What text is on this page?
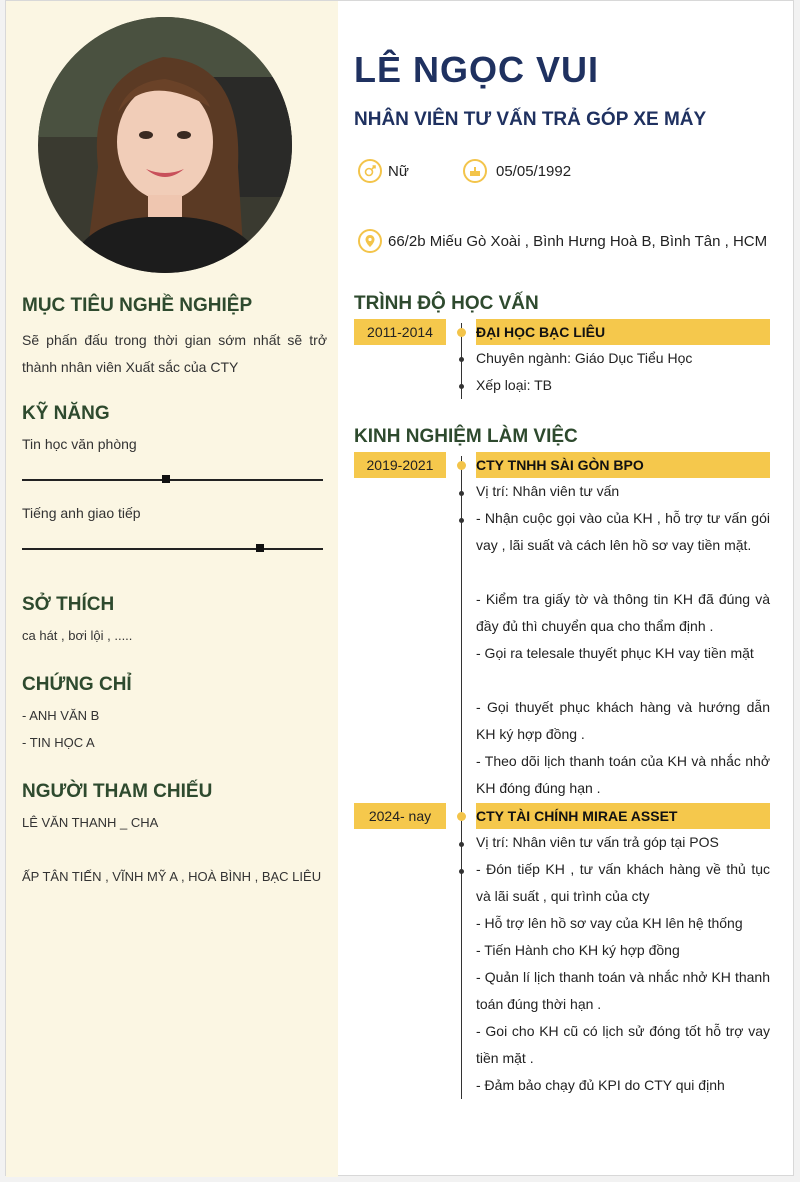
MỤC TIÊU NGHỀ NGHIỆP

Sẽ phấn đấu trong thời gian sớm nhất sẽ trở thành nhân viên Xuất sắc của CTY

KỸ NĂNG

Tin học văn phòng

Tiếng anh giao tiếp

SỞ THÍCH

ca hát , bơi lội , .....

CHỨNG CHỈ

- ANH VĂN B

- TIN HỌC A

NGƯỜI THAM CHIẾU

LÊ VĂN THANH _ CHA

ẤP TÂN TIẾN , VĨNH MỸ A , HOÀ BÌNH , BẠC LIÊU

LÊ NGỌC VUI
NHÂN VIÊN TƯ VẤN TRẢ GÓP XE MÁY
Nữ	05/05/1992
66/2b Miếu Gò Xoài , Bình Hưng Hoà B, Bình Tân , HCM
TRÌNH ĐỘ HỌC VẤN
2011-2014	ĐẠI HỌC BẠC LIÊU

Chuyên ngành: Giáo Dục Tiểu Học

Xếp loại: TB

KINH NGHIỆM LÀM VIỆC
2019-2021	CTY TNHH SÀI GÒN BPO

Vị trí: Nhân viên tư vấn

- Nhận cuộc gọi vào của KH , hỗ trợ tư vấn gói vay , lãi suất và cách lên hồ sơ vay tiền mặt.

- Kiểm tra giấy tờ và thông tin KH đã đúng và đầy đủ thì chuyển qua cho thẩm định .

- Gọi ra telesale thuyết phục KH vay tiền mặt

- Gọi thuyết phục khách hàng và hướng dẫn KH ký hợp đồng .

- Theo dõi lịch thanh toán của KH và nhắc nhở KH đóng đúng hạn .

2024- nay	CTY TÀI CHÍNH MIRAE ASSET

Vị trí: Nhân viên tư vấn trả góp tại POS

- Đón tiếp KH , tư vấn khách hàng về thủ tục và lãi suất , qui trình của cty

- Hỗ trợ lên hồ sơ vay của KH lên hệ thống

- Tiến Hành cho KH ký hợp đồng

- Quản lí lịch thanh toán và nhắc nhở KH thanh toán đúng thời hạn .

- Goi cho KH cũ có lịch sử đóng tốt hỗ trợ vay tiền mặt .

- Đảm bảo chạy đủ KPI do CTY qui định
